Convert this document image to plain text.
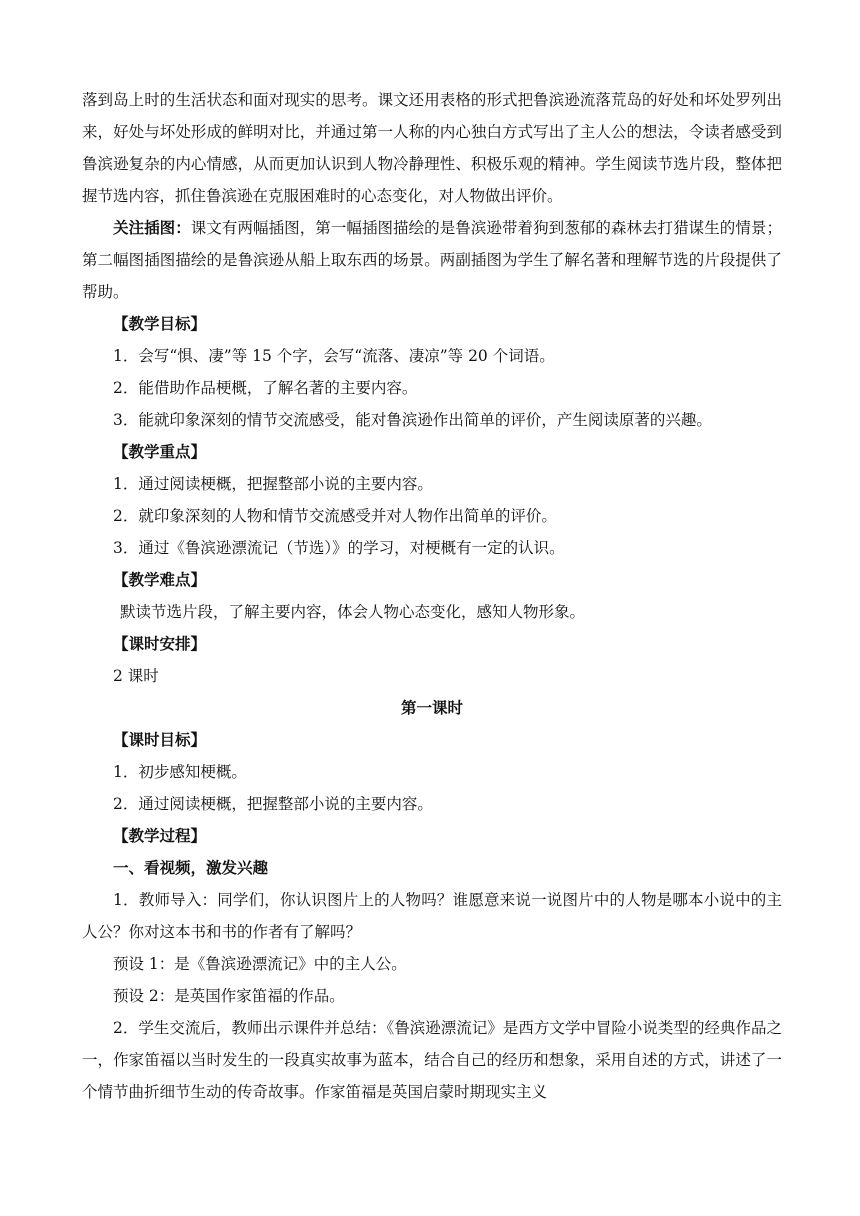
落到岛上时的生活状态和面对现实的思考。课文还用表格的形式把鲁滨逊流落荒岛的好处和坏处罗列出来，好处与坏处形成的鲜明对比，并通过第一人称的内心独白方式写出了主人公的想法，令读者感受到鲁滨逊复杂的内心情感，从而更加认识到人物冷静理性、积极乐观的精神。学生阅读节选片段，整体把握节选内容，抓住鲁滨逊在克服困难时的心态变化，对人物做出评价。

关注插图：课文有两幅插图，第一幅插图描绘的是鲁滨逊带着狗到葱郁的森林去打猎谋生的情景；第二幅图插图描绘的是鲁滨逊从船上取东西的场景。两副插图为学生了解名著和理解节选的片段提供了帮助。

【教学目标】

1．会写“惧、凄”等 15 个字，会写“流落、凄凉”等 20 个词语。

2．能借助作品梗概，了解名著的主要内容。

3．能就印象深刻的情节交流感受，能对鲁滨逊作出简单的评价，产生阅读原著的兴趣。

【教学重点】

1．通过阅读梗概，把握整部小说的主要内容。

2．就印象深刻的人物和情节交流感受并对人物作出简单的评价。

3．通过《鲁滨逊漂流记（节选）》的学习，对梗概有一定的认识。

【教学难点】

默读节选片段，了解主要内容，体会人物心态变化，感知人物形象。

【课时安排】

2 课时

第一课时

【课时目标】

1．初步感知梗概。

2．通过阅读梗概，把握整部小说的主要内容。

【教学过程】

一、看视频，激发兴趣

1．教师导入：同学们，你认识图片上的人物吗？谁愿意来说一说图片中的人物是哪本小说中的主人公？你对这本书和书的作者有了解吗？

预设 1：是《鲁滨逊漂流记》中的主人公。

预设 2：是英国作家笛福的作品。

2．学生交流后，教师出示课件并总结：《鲁滨逊漂流记》是西方文学中冒险小说类型的经典作品之一，作家笛福以当时发生的一段真实故事为蓝本，结合自己的经历和想象，采用自述的方式，讲述了一个情节曲折细节生动的传奇故事。作家笛福是英国启蒙时期现实主义
